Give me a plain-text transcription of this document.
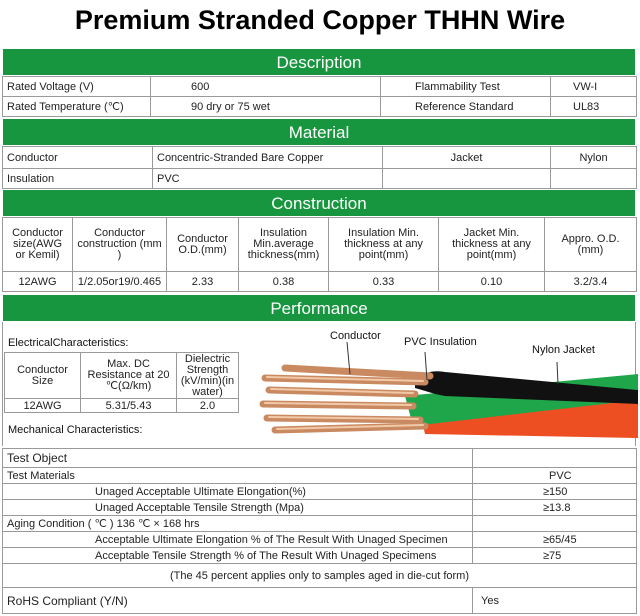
Premium Stranded Copper THHN Wire
Description
Rated Voltage (V)	600	Flammability Test	VW-I
Rated Temperature (℃)	90 dry or 75 wet	Reference Standard	UL83
Material
Conductor	Concentric-Stranded Bare Copper	Jacket	Nylon
Insulation	PVC		
Construction
Conductor size(AWG or Kemil)	Conductor construction (mm )	Conductor O.D.(mm)	Insulation Min.average thickness(mm)	Insulation Min. thickness at any point(mm)	Jacket Min. thickness at any point(mm)	Appro. O.D. (mm)
12AWG	1/2.05or19/0.465	2.33	0.38	0.33	0.10	3.2/3.4
Performance
ElectricalCharacteristics:
Conductor Size	Max. DC Resistance at 20 ℃(Ω/km)	Dielectric Strength (kV/min)(in water)
12AWG	5.31/5.43	2.0
Mechanical Characteristics:
Conductor PVC Insulation
Nylon Jacket
Test Object	
Test Materials	PVC
Unaged Acceptable Ultimate Elongation(%)	≥150
Unaged Acceptable Tensile Strength (Mpa)	≥13.8
Aging Condition ( ℃ ) 136 ℃ × 168 hrs	
Acceptable Ultimate Elongation % of The Result With Unaged Specimen	≥65/45
Acceptable Tensile Strength % of The Result With Unaged Specimens	≥75
(The 45 percent applies only to samples aged in die-cut form)	
RoHS Compliant (Y/N)	Yes
